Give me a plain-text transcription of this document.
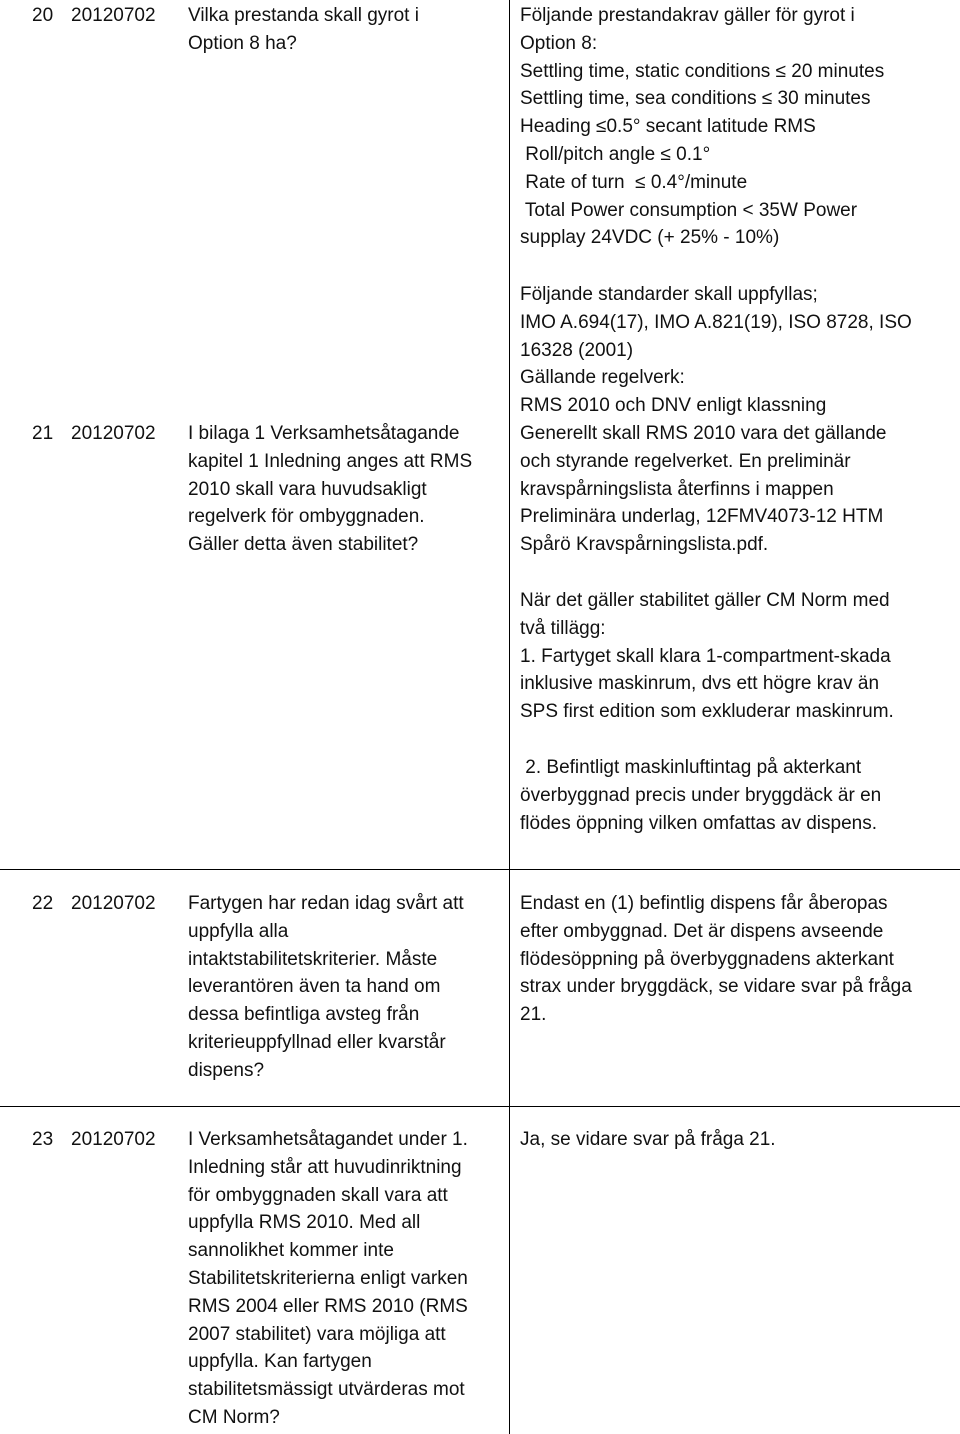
20 20120702 Vilka prestanda skall gyrot i
Option 8 ha?
Följande prestandakrav gäller för gyrot i
Option 8:
Settling time, static conditions ≤ 20 minutes
Settling time, sea conditions ≤ 30 minutes
Heading ≤0.5° secant latitude RMS
Roll/pitch angle ≤ 0.1°
Rate of turn  ≤ 0.4°/minute
Total Power consumption < 35W Power
supplay 24VDC (+ 25% - 10%)
21 20120702 I bilaga 1 Verksamhetsåtagande
kapitel 1 Inledning anges att RMS
2010 skall vara huvudsakligt
regelverk för ombyggnaden.
Gäller detta även stabilitet?
Följande standarder skall uppfyllas;
IMO A.694(17), IMO A.821(19), ISO 8728, ISO
16328 (2001)
Gällande regelverk:
RMS 2010 och DNV enligt klassning
Generellt skall RMS 2010 vara det gällande
och styrande regelverket. En preliminär
kravspårningslista återfinns i mappen
Preliminära underlag, 12FMV4073-12 HTM
Spårö Kravspårningslista.pdf.
När det gäller stabilitet gäller CM Norm med
två tillägg:
1. Fartyget skall klara 1-compartment-skada
inklusive maskinrum, dvs ett högre krav än
SPS first edition som exkluderar maskinrum.
2. Befintligt maskinluftintag på akterkant
överbyggnad precis under bryggdäck är en
flödes öppning vilken omfattas av dispens.
22 20120702 Fartygen har redan idag svårt att
uppfylla alla
intaktstabilitetskriterier. Måste
leverantören även ta hand om
dessa befintliga avsteg från
kriterieuppfyllnad eller kvarstår
dispens?
Endast en (1) befintlig dispens får åberopas
efter ombyggnad. Det är dispens avseende
flödesöppning på överbyggnadens akterkant
strax under bryggdäck, se vidare svar på fråga
21.
23 20120702 I Verksamhetsåtagandet under 1.
Inledning står att huvudinriktning
för ombyggnaden skall vara att
uppfylla RMS 2010. Med all
sannolikhet kommer inte
Stabilitetskriterierna enligt varken
RMS 2004 eller RMS 2010 (RMS
2007 stabilitet) vara möjliga att
uppfylla. Kan fartygen
stabilitetsmässigt utvärderas mot
CM Norm?
Ja, se vidare svar på fråga 21.
